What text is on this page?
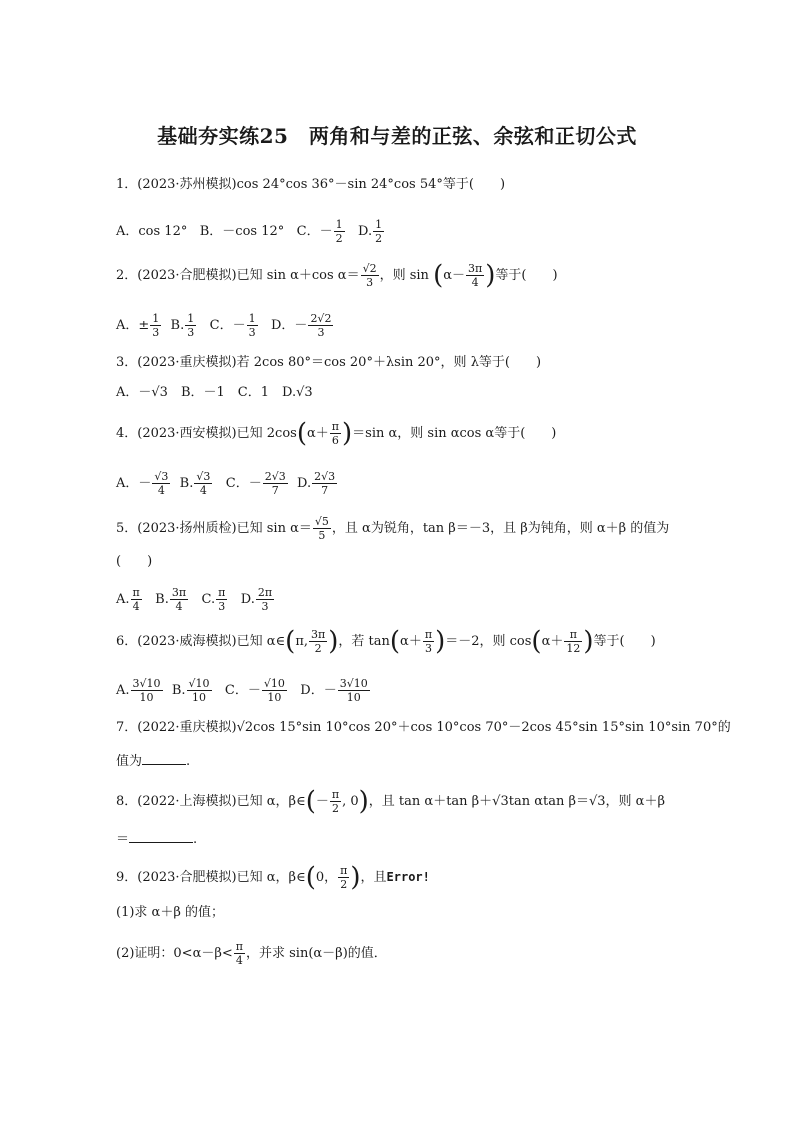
基础夯实练25　两角和与差的正弦、余弦和正切公式
1．(2023·苏州模拟)cos 24°cos 36°－sin 24°cos 54°等于(　　)
A．cos 12° B．－cos 12° C．－ $\frac{1}{2} D$. $\frac{1}{2}$
2．(2023·合肥模拟)已知 sin α＋cos $\alpha= \frac{√2}{3}$ ，则 $\sin (\alpha- \frac{3\pi}{4}$ )等于(　　)
A．± $\frac{1}{3} B$. $\frac{1}{3}$ C．－ $\frac{1}{3}$ D．－ $\frac{2√2}{3}$
3．(2023·重庆模拟)若 2cos 80°＝cos 20°＋λsin 20°，则 λ等于(　　)
A．－√3　B．－1　C．1　D.√3
4．(2023·西安模拟)已知 $2\cos(\alpha+ \frac{\pi}{6} )=\sin$ α，则 sin αcos α等于(　　)
A．－ $\frac{√3}{4} B$. $\frac{√3}{4}$ C．－ $\frac{2√3}{7} D$. $\frac{2√3}{7}$
5．(2023·扬州质检)已知 $\sin \alpha= \frac{√5}{5}$ ，且 α为锐角，tan β＝－3，且 β为钝角，则 α＋β 的值为
(　　)
A. $\frac{\pi}{4} B$. $\frac{3\pi}{4} C$. $\frac{\pi}{3} D$. $\frac{2\pi}{3}$
6．(2023·威海模拟)已知 α∈(π, $\frac{3\pi}{2}$ )，若 $\tan(\alpha+ \frac{\pi}{3} )=-2$，则 $\cos(\alpha+ \frac{\pi}{12}$ )等于(　　)
A. $\frac{3√10}{10} B$. $\frac{√10}{10}$ C．－ $\frac{√10}{10}$ D．－ $\frac{3√10}{10}$
7．(2022·重庆模拟)√2cos 15°sin 10°cos 20°＋cos 10°cos 70°－2cos 45°sin 15°sin 10°sin 70°的
值为	.
8．(2022·上海模拟)已知 α，β∈(－ $\frac{\pi}{2}$ , 0)，且 tan α＋tan β＋√3tan αtan β＝√3，则 α＋β
＝	.
9．(2023·合肥模拟)已知 α，β∈(0， $\frac{\pi}{2}$ )，且Error!
(1)求 α＋β 的值；
(2)证明：$0<\alpha-\beta< \frac{\pi}{4}$ ，并求 sin(α－β)的值．
